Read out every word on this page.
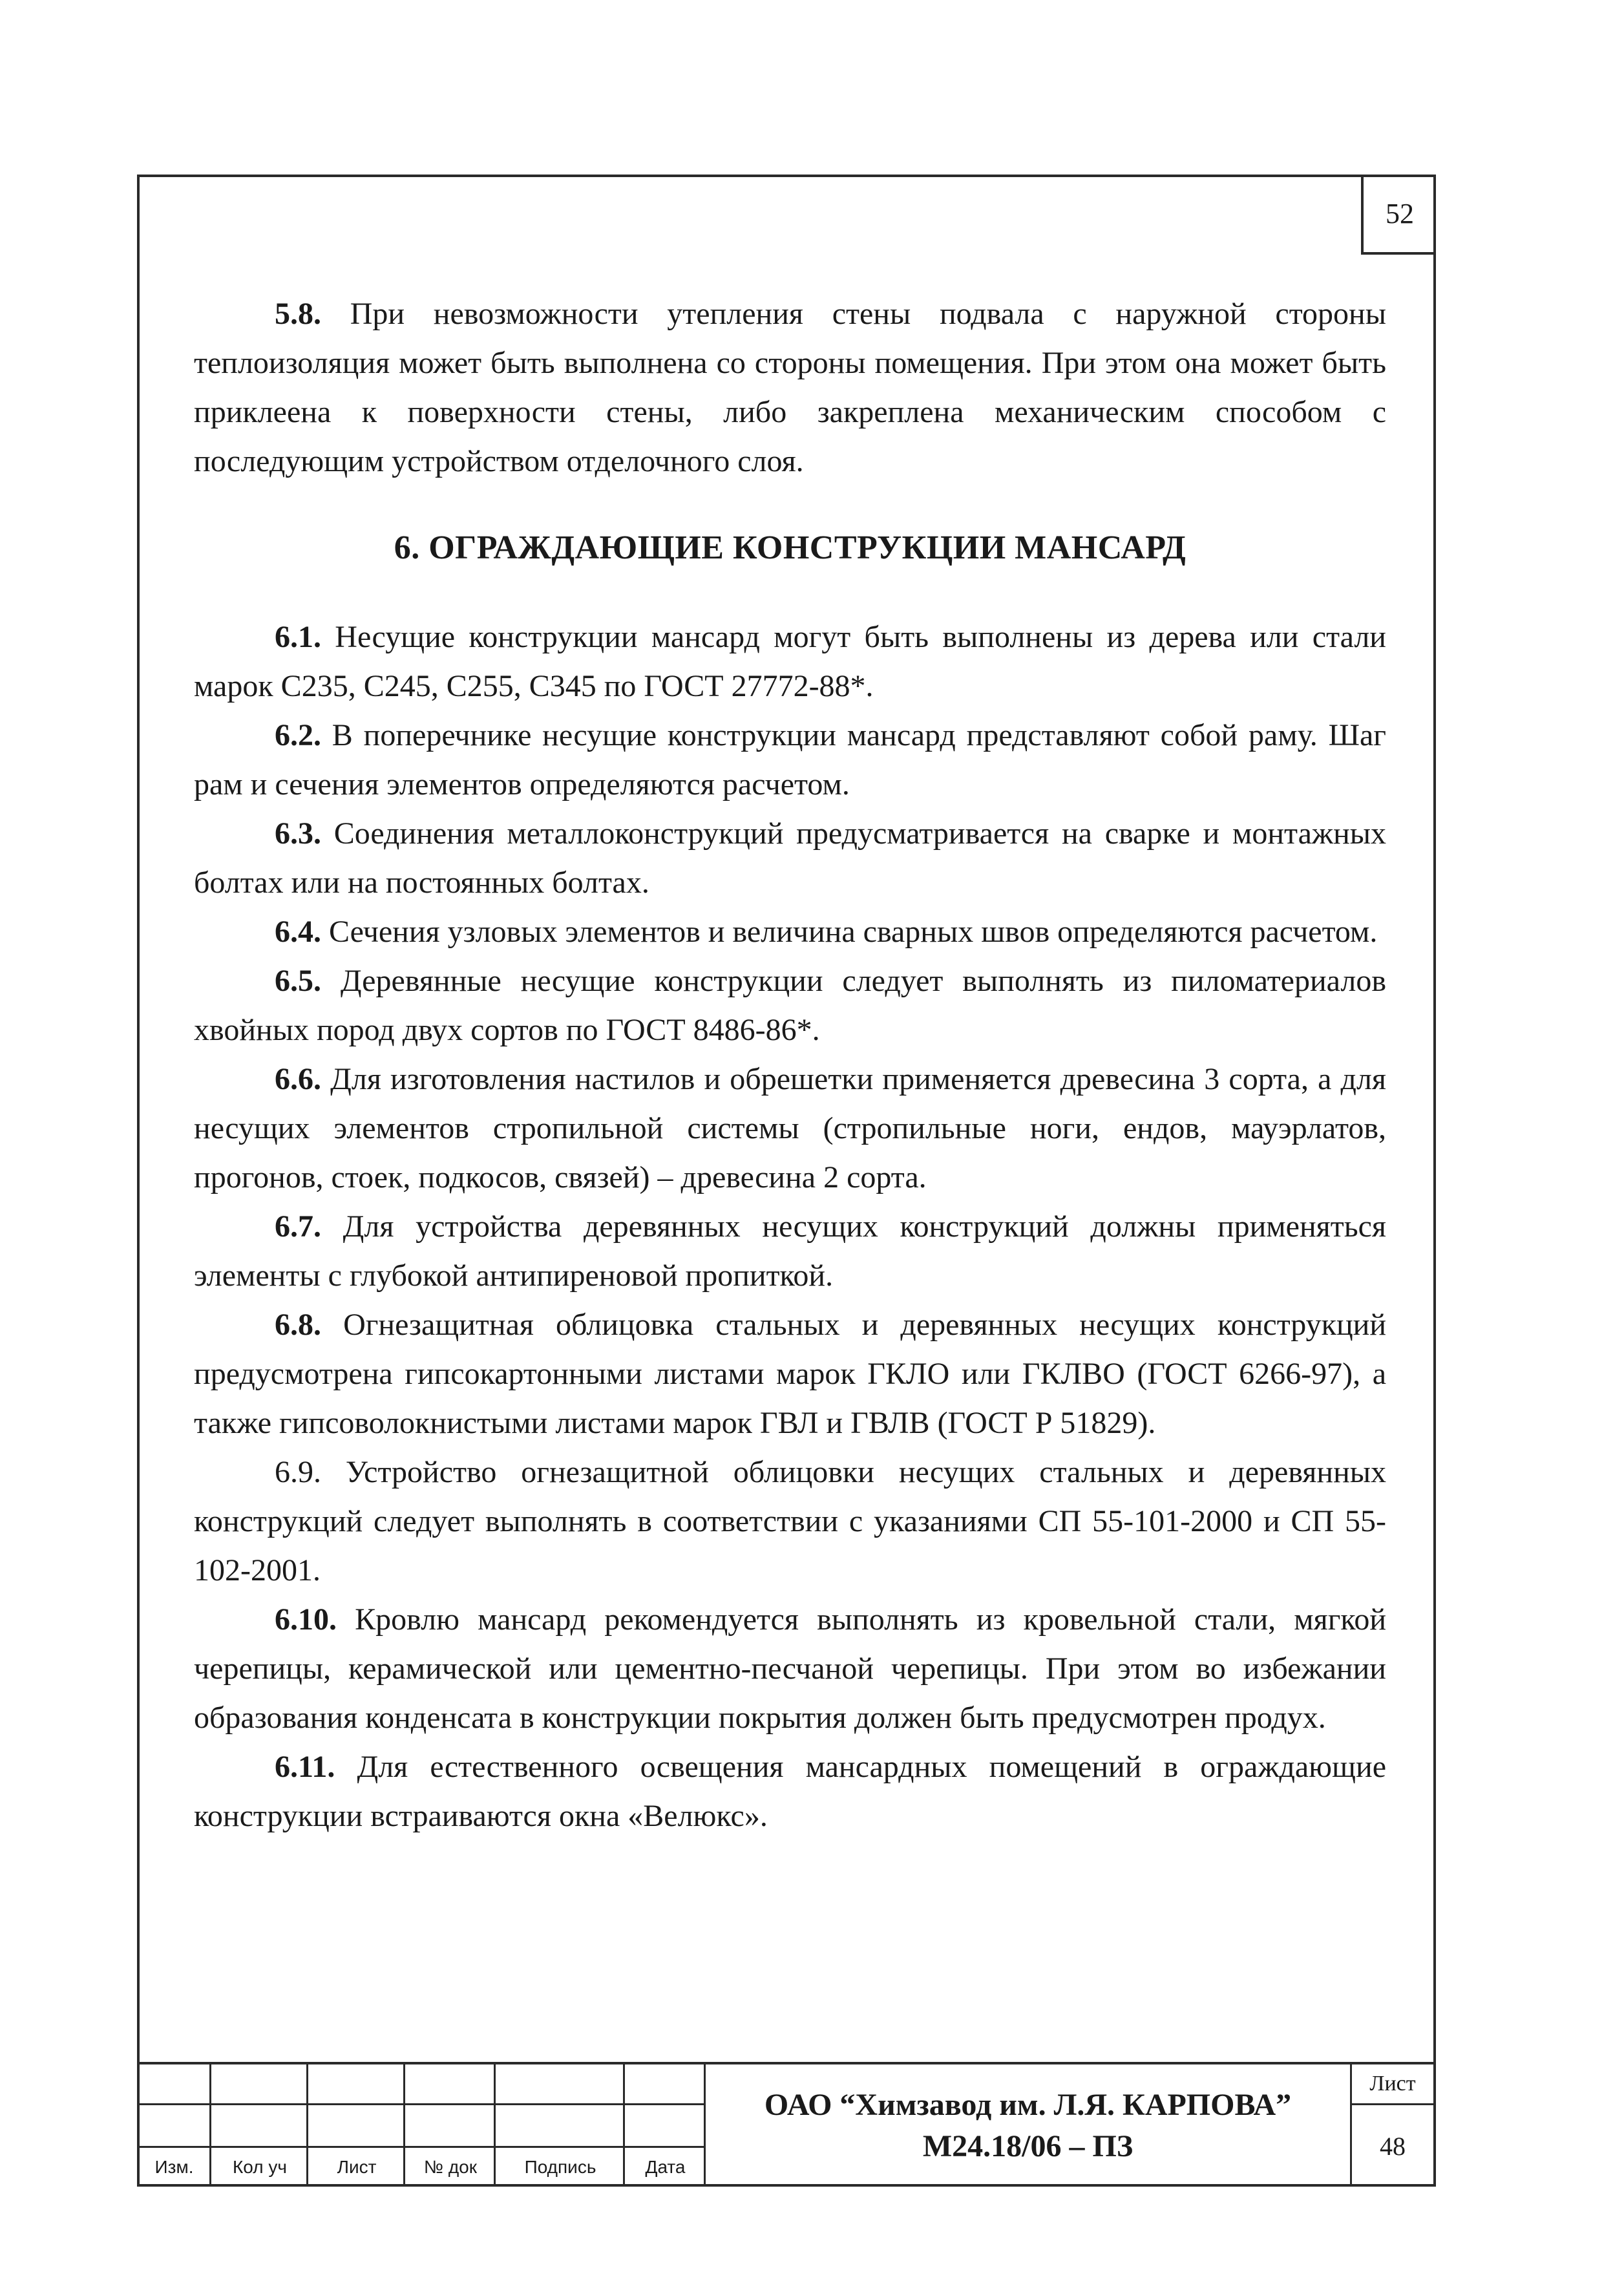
52

5.8. При невозможности утепления стены подвала с наружной стороны теплоизоляция может быть выполнена со стороны помещения. При этом она может быть приклеена к поверхности стены, либо закреплена механическим способом с последующим устройством отделочного слоя.

6. ОГРАЖДАЮЩИЕ КОНСТРУКЦИИ МАНСАРД

6.1. Несущие конструкции мансард могут быть выполнены из дерева или стали марок С235, С245, С255, С345 по ГОСТ 27772-88*.

6.2. В поперечнике несущие конструкции мансард представляют собой раму. Шаг рам и сечения элементов определяются расчетом.

6.3. Соединения металлоконструкций предусматривается на сварке и монтажных болтах или на постоянных болтах.

6.4. Сечения узловых элементов и величина сварных швов определяются расчетом.

6.5. Деревянные несущие конструкции следует выполнять из пиломатериалов хвойных пород двух сортов по ГОСТ 8486-86*.

6.6. Для изготовления настилов и обрешетки применяется древесина 3 сорта, а для несущих элементов стропильной системы (стропильные ноги, ендов, мауэрлатов, прогонов, стоек, подкосов, связей) – древесина 2 сорта.

6.7. Для устройства деревянных несущих конструкций должны применяться элементы с глубокой антипиреновой пропиткой.

6.8. Огнезащитная облицовка стальных и деревянных несущих конструкций предусмотрена гипсокартонными листами марок ГКЛО или ГКЛВО (ГОСТ 6266-97), а также гипсоволокнистыми листами марок ГВЛ и ГВЛВ (ГОСТ Р 51829).

6.9. Устройство огнезащитной облицовки несущих стальных и деревянных конструкций следует выполнять в соответствии с указаниями СП 55-101-2000 и СП 55-102-2001.

6.10. Кровлю мансард рекомендуется выполнять из кровельной стали, мягкой черепицы, керамической или цементно-песчаной черепицы. При этом во избежании образования конденсата в конструкции покрытия должен быть предусмотрен продух.

6.11. Для естественного освещения мансардных помещений в ограждающие конструкции встраиваются окна «Велюкс».

Изм.	Кол уч	Лист	№ док	Подпись	Дата
ОАО “Химзавод им. Л.Я. КАРПОВА”
М24.18/06 – ПЗ
Лист
48
